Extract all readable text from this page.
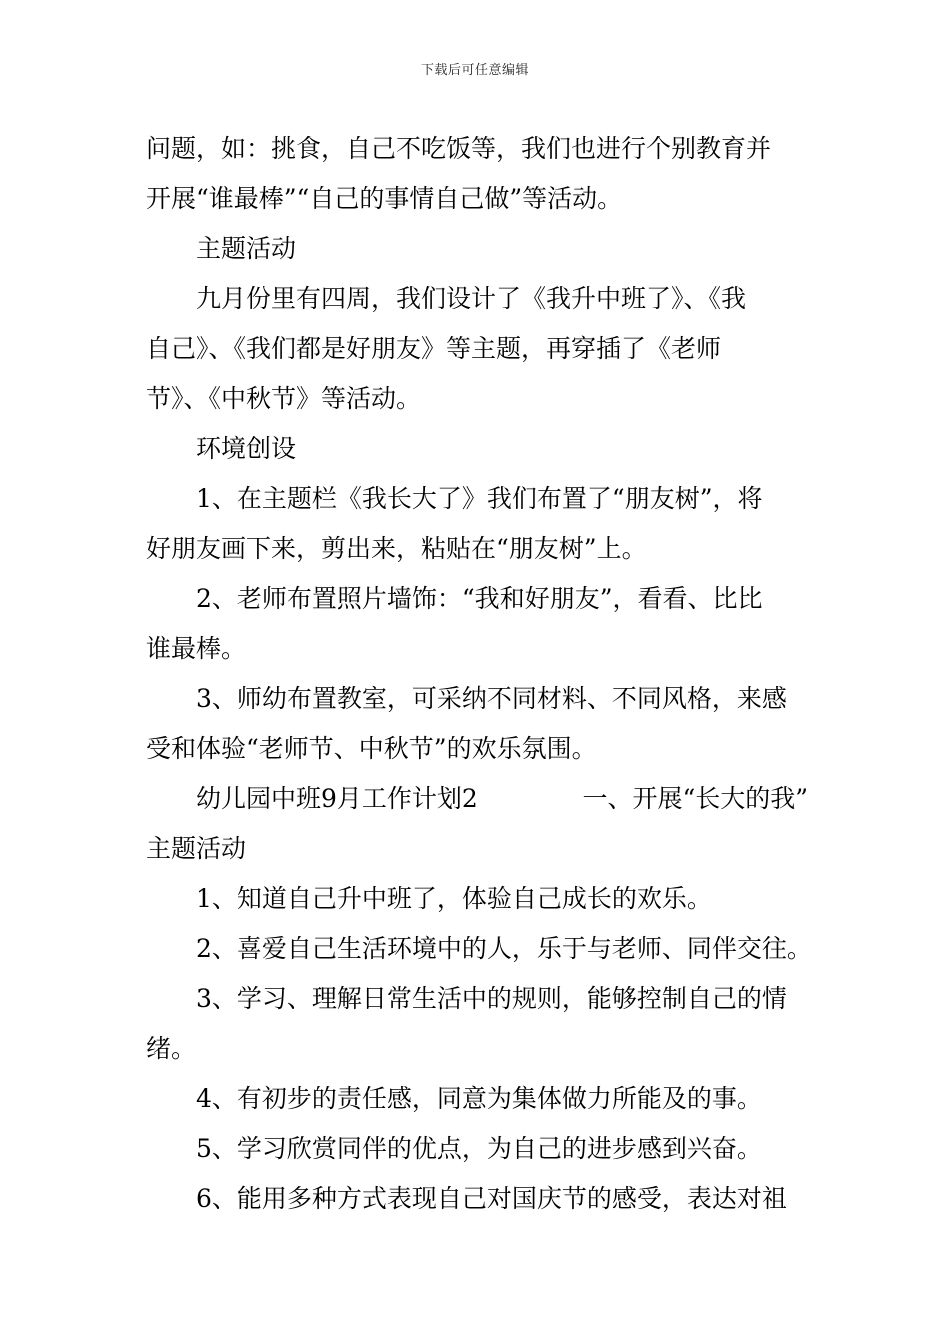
下载后可任意编辑
问题，如：挑食，自己不吃饭等，我们也进行个别教育并
开展“谁最棒”“自己的事情自己做”等活动。
主题活动
九月份里有四周，我们设计了《我升中班了》、《我
自己》、《我们都是好朋友》等主题，再穿插了《老师
节》、《中秋节》等活动。
环境创设
1、在主题栏《我长大了》我们布置了“朋友树”，将
好朋友画下来，剪出来，粘贴在“朋友树”上。
2、老师布置照片墙饰：“我和好朋友”，看看、比比
谁最棒。
3、师幼布置教室，可采纳不同材料、不同风格，来感
受和体验“老师节、中秋节”的欢乐氛围。
幼儿园中班9月工作计划2	一、开展“长大的我”
主题活动
1、知道自己升中班了，体验自己成长的欢乐。
2、喜爱自己生活环境中的人，乐于与老师、同伴交往。
3、学习、理解日常生活中的规则，能够控制自己的情
绪。
4、有初步的责任感，同意为集体做力所能及的事。
5、学习欣赏同伴的优点，为自己的进步感到兴奋。
6、能用多种方式表现自己对国庆节的感受，表达对祖
